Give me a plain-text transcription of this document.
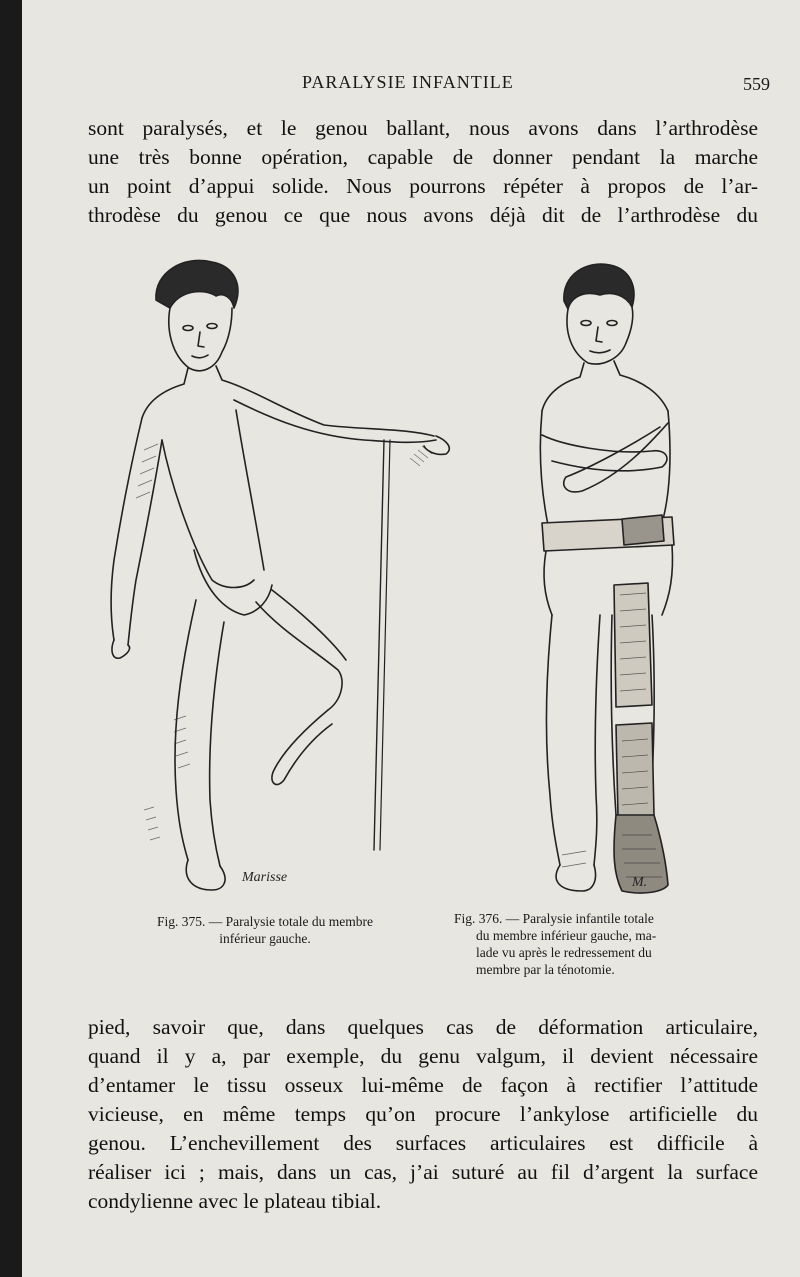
PARALYSIE INFANTILE	559
sont paralysés, et le genou ballant, nous avons dans l’arthrodèse
une très bonne opération, capable de donner pendant la marche
un point d’appui solide. Nous pourrons répéter à propos de l’ar-
throdèse du genou ce que nous avons déjà dit de l’arthrodèse du
Marisse	M.
Fig. 375. — Paralysie totale du membre
inférieur gauche.
Fig. 376. — Paralysie infantile totale
du membre inférieur gauche, ma-
lade vu après le redressement du
membre par la ténotomie.
pied, savoir que, dans quelques cas de déformation articulaire,
quand il y a, par exemple, du genu valgum, il devient nécessaire
d’entamer le tissu osseux lui-même de façon à rectifier l’attitude
vicieuse, en même temps qu’on procure l’ankylose artificielle du
genou. L’enchevillement des surfaces articulaires est difficile à
réaliser ici ; mais, dans un cas, j’ai suturé au fil d’argent la surface
condylienne avec le plateau tibial.
